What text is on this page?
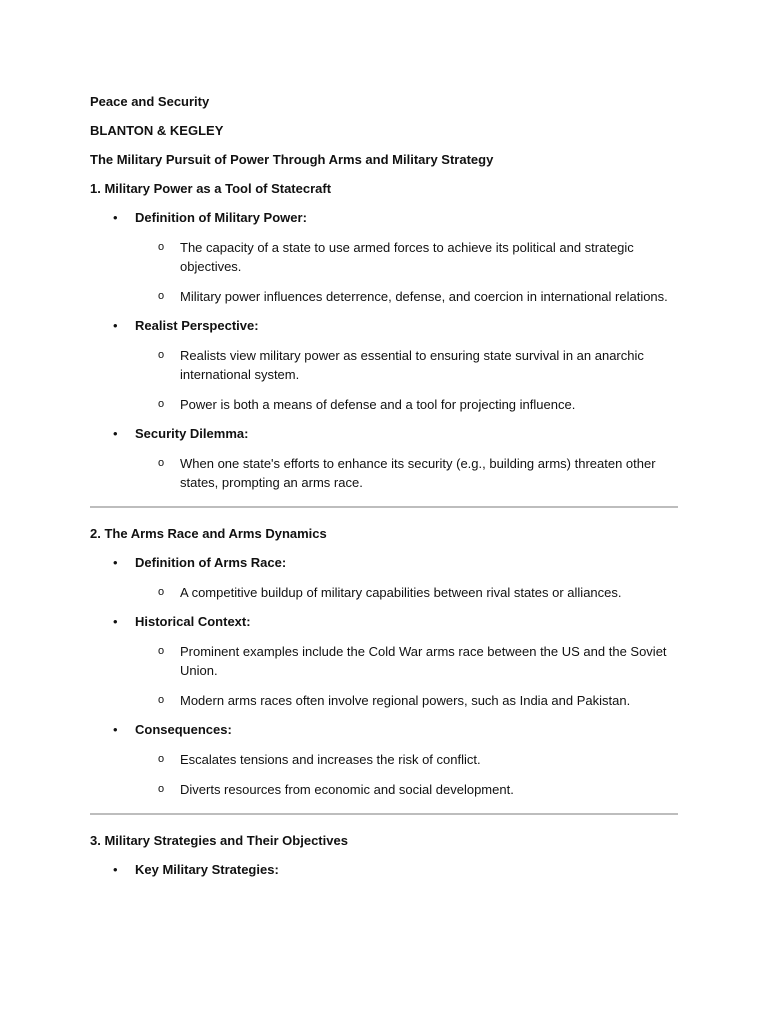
Peace and Security
BLANTON & KEGLEY
The Military Pursuit of Power Through Arms and Military Strategy
1. Military Power as a Tool of Statecraft
• Definition of Military Power:
o The capacity of a state to use armed forces to achieve its political and strategic objectives.
o Military power influences deterrence, defense, and coercion in international relations.
• Realist Perspective:
o Realists view military power as essential to ensuring state survival in an anarchic international system.
o Power is both a means of defense and a tool for projecting influence.
• Security Dilemma:
o When one state's efforts to enhance its security (e.g., building arms) threaten other states, prompting an arms race.
2. The Arms Race and Arms Dynamics
• Definition of Arms Race:
o A competitive buildup of military capabilities between rival states or alliances.
• Historical Context:
o Prominent examples include the Cold War arms race between the US and the Soviet Union.
o Modern arms races often involve regional powers, such as India and Pakistan.
• Consequences:
o Escalates tensions and increases the risk of conflict.
o Diverts resources from economic and social development.
3. Military Strategies and Their Objectives
• Key Military Strategies:
